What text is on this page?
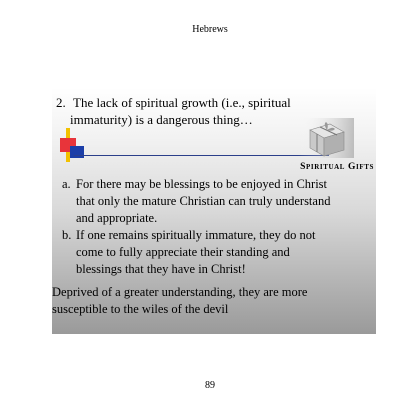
Hebrews
2. The lack of spiritual growth (i.e., spiritual
immaturity) is a dangerous thing…
Spiritual Gifts
a. For there may be blessings to be enjoyed in Christ
that only the mature Christian can truly understand
and appropriate.
b. If one remains spiritually immature, they do not
come to fully appreciate their standing and
blessings that they have in Christ!
Deprived of a greater understanding, they are more
susceptible to the wiles of the devil
89
